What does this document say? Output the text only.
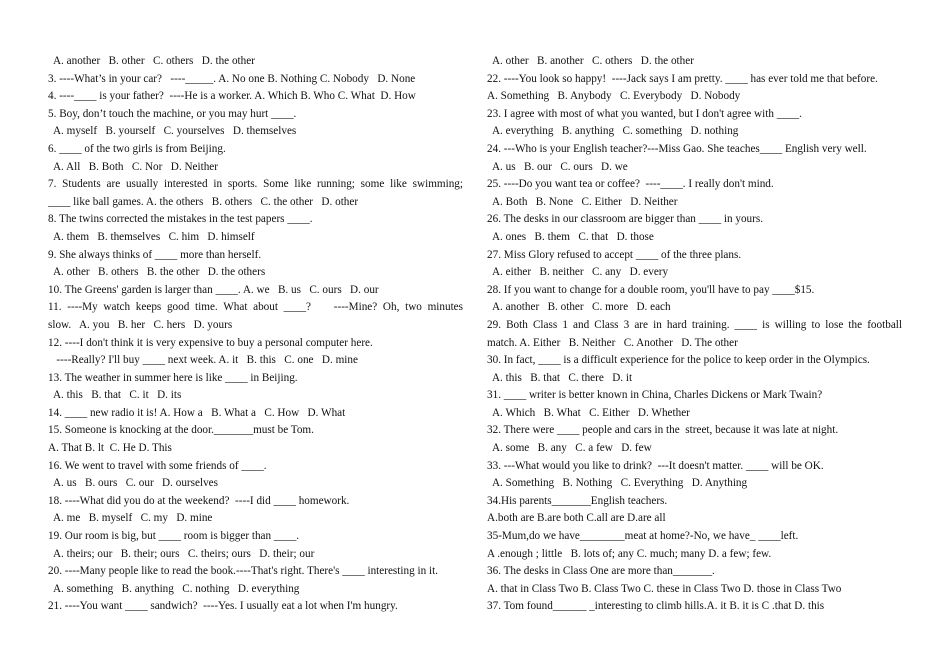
A. another   B. other   C. others   D. the other
3. ----What’s in your car?   ----_____. A. No one B. Nothing C. Nobody   D. None
4. ----____ is your father?  ----He is a worker. A. Which B. Who C. What  D. How
5. Boy, don’t touch the machine, or you may hurt ____.
A. myself   B. yourself   C. yourselves   D. themselves
6. ____ of the two girls is from Beijing.
A. All   B. Both   C. Nor   D. Neither
7. Students are usually interested in sports. Some like running; some like swimming;
____ like ball games. A. the others   B. others   C. the other   D. other
8. The twins corrected the mistakes in the test papers ____.
A. them   B. themselves   C. him   D. himself
9. She always thinks of ____ more than herself.
A. other   B. others   B. the other   D. the others
10. The Greens' garden is larger than ____. A. we   B. us   C. ours   D. our
11. ----My watch keeps good time. What about ____?    ----Mine? Oh, two minutes
slow.   A. you   B. her   C. hers   D. yours
12. ----I don't think it is very expensive to buy a personal computer here.
----Really? I'll buy ____ next week. A. it   B. this   C. one   D. mine
13. The weather in summer here is like ____ in Beijing.
A. this   B. that   C. it   D. its
14. ____ new radio it is! A. How a   B. What a   C. How   D. What
15. Someone is knocking at the door._______must be Tom.
A. That B. lt  C. He D. This
16. We went to travel with some friends of ____.
A. us   B. ours   C. our   D. ourselves
18. ----What did you do at the weekend?  ----I did ____ homework.
A. me   B. myself   C. my   D. mine
19. Our room is big, but ____ room is bigger than ____.
A. theirs; our   B. their; ours   C. theirs; ours   D. their; our
20. ----Many people like to read the book.----That's right. There's ____ interesting in it.
A. something   B. anything   C. nothing   D. everything
21. ----You want ____ sandwich?  ----Yes. I usually eat a lot when I'm hungry.
A. other   B. another   C. others   D. the other
22. ----You look so happy!  ----Jack says I am pretty. ____ has ever told me that before.
A. Something   B. Anybody   C. Everybody   D. Nobody
23. I agree with most of what you wanted, but I don't agree with ____.
A. everything   B. anything   C. something   D. nothing
24. ---Who is your English teacher?---Miss Gao. She teaches____ English very well.
A. us   B. our   C. ours   D. we
25. ----Do you want tea or coffee?  ----____. I really don't mind.
A. Both   B. None   C. Either   D. Neither
26. The desks in our classroom are bigger than ____ in yours.
A. ones   B. them   C. that   D. those
27. Miss Glory refused to accept ____ of the three plans.
A. either   B. neither   C. any   D. every
28. If you want to change for a double room, you'll have to pay ____$15.
A. another   B. other   C. more   D. each
29. Both Class 1 and Class 3 are in hard training. ____ is willing to lose the football
match. A. Either   B. Neither   C. Another   D. The other
30. In fact, ____ is a difficult experience for the police to keep order in the Olympics.
A. this   B. that   C. there   D. it
31. ____ writer is better known in China, Charles Dickens or Mark Twain?
A. Which   B. What   C. Either   D. Whether
32. There were ____ people and cars in the  street, because it was late at night.
A. some   B. any   C. a few   D. few
33. ---What would you like to drink?  ---It doesn't matter. ____ will be OK.
A. Something   B. Nothing   C. Everything   D. Anything
34.His parents_______English teachers.
A.both are B.are both C.all are D.are all
35-Mum,do we have________meat at home?-No, we have_ ____left.
A .enough ; little   B. lots of; any C. much; many D. a few; few.
36. The desks in Class One are more than_______.
A. that in Class Two B. Class Two C. these in Class Two D. those in Class Two
37. Tom found______ _interesting to climb hills.A. it B. it is C .that D. this
